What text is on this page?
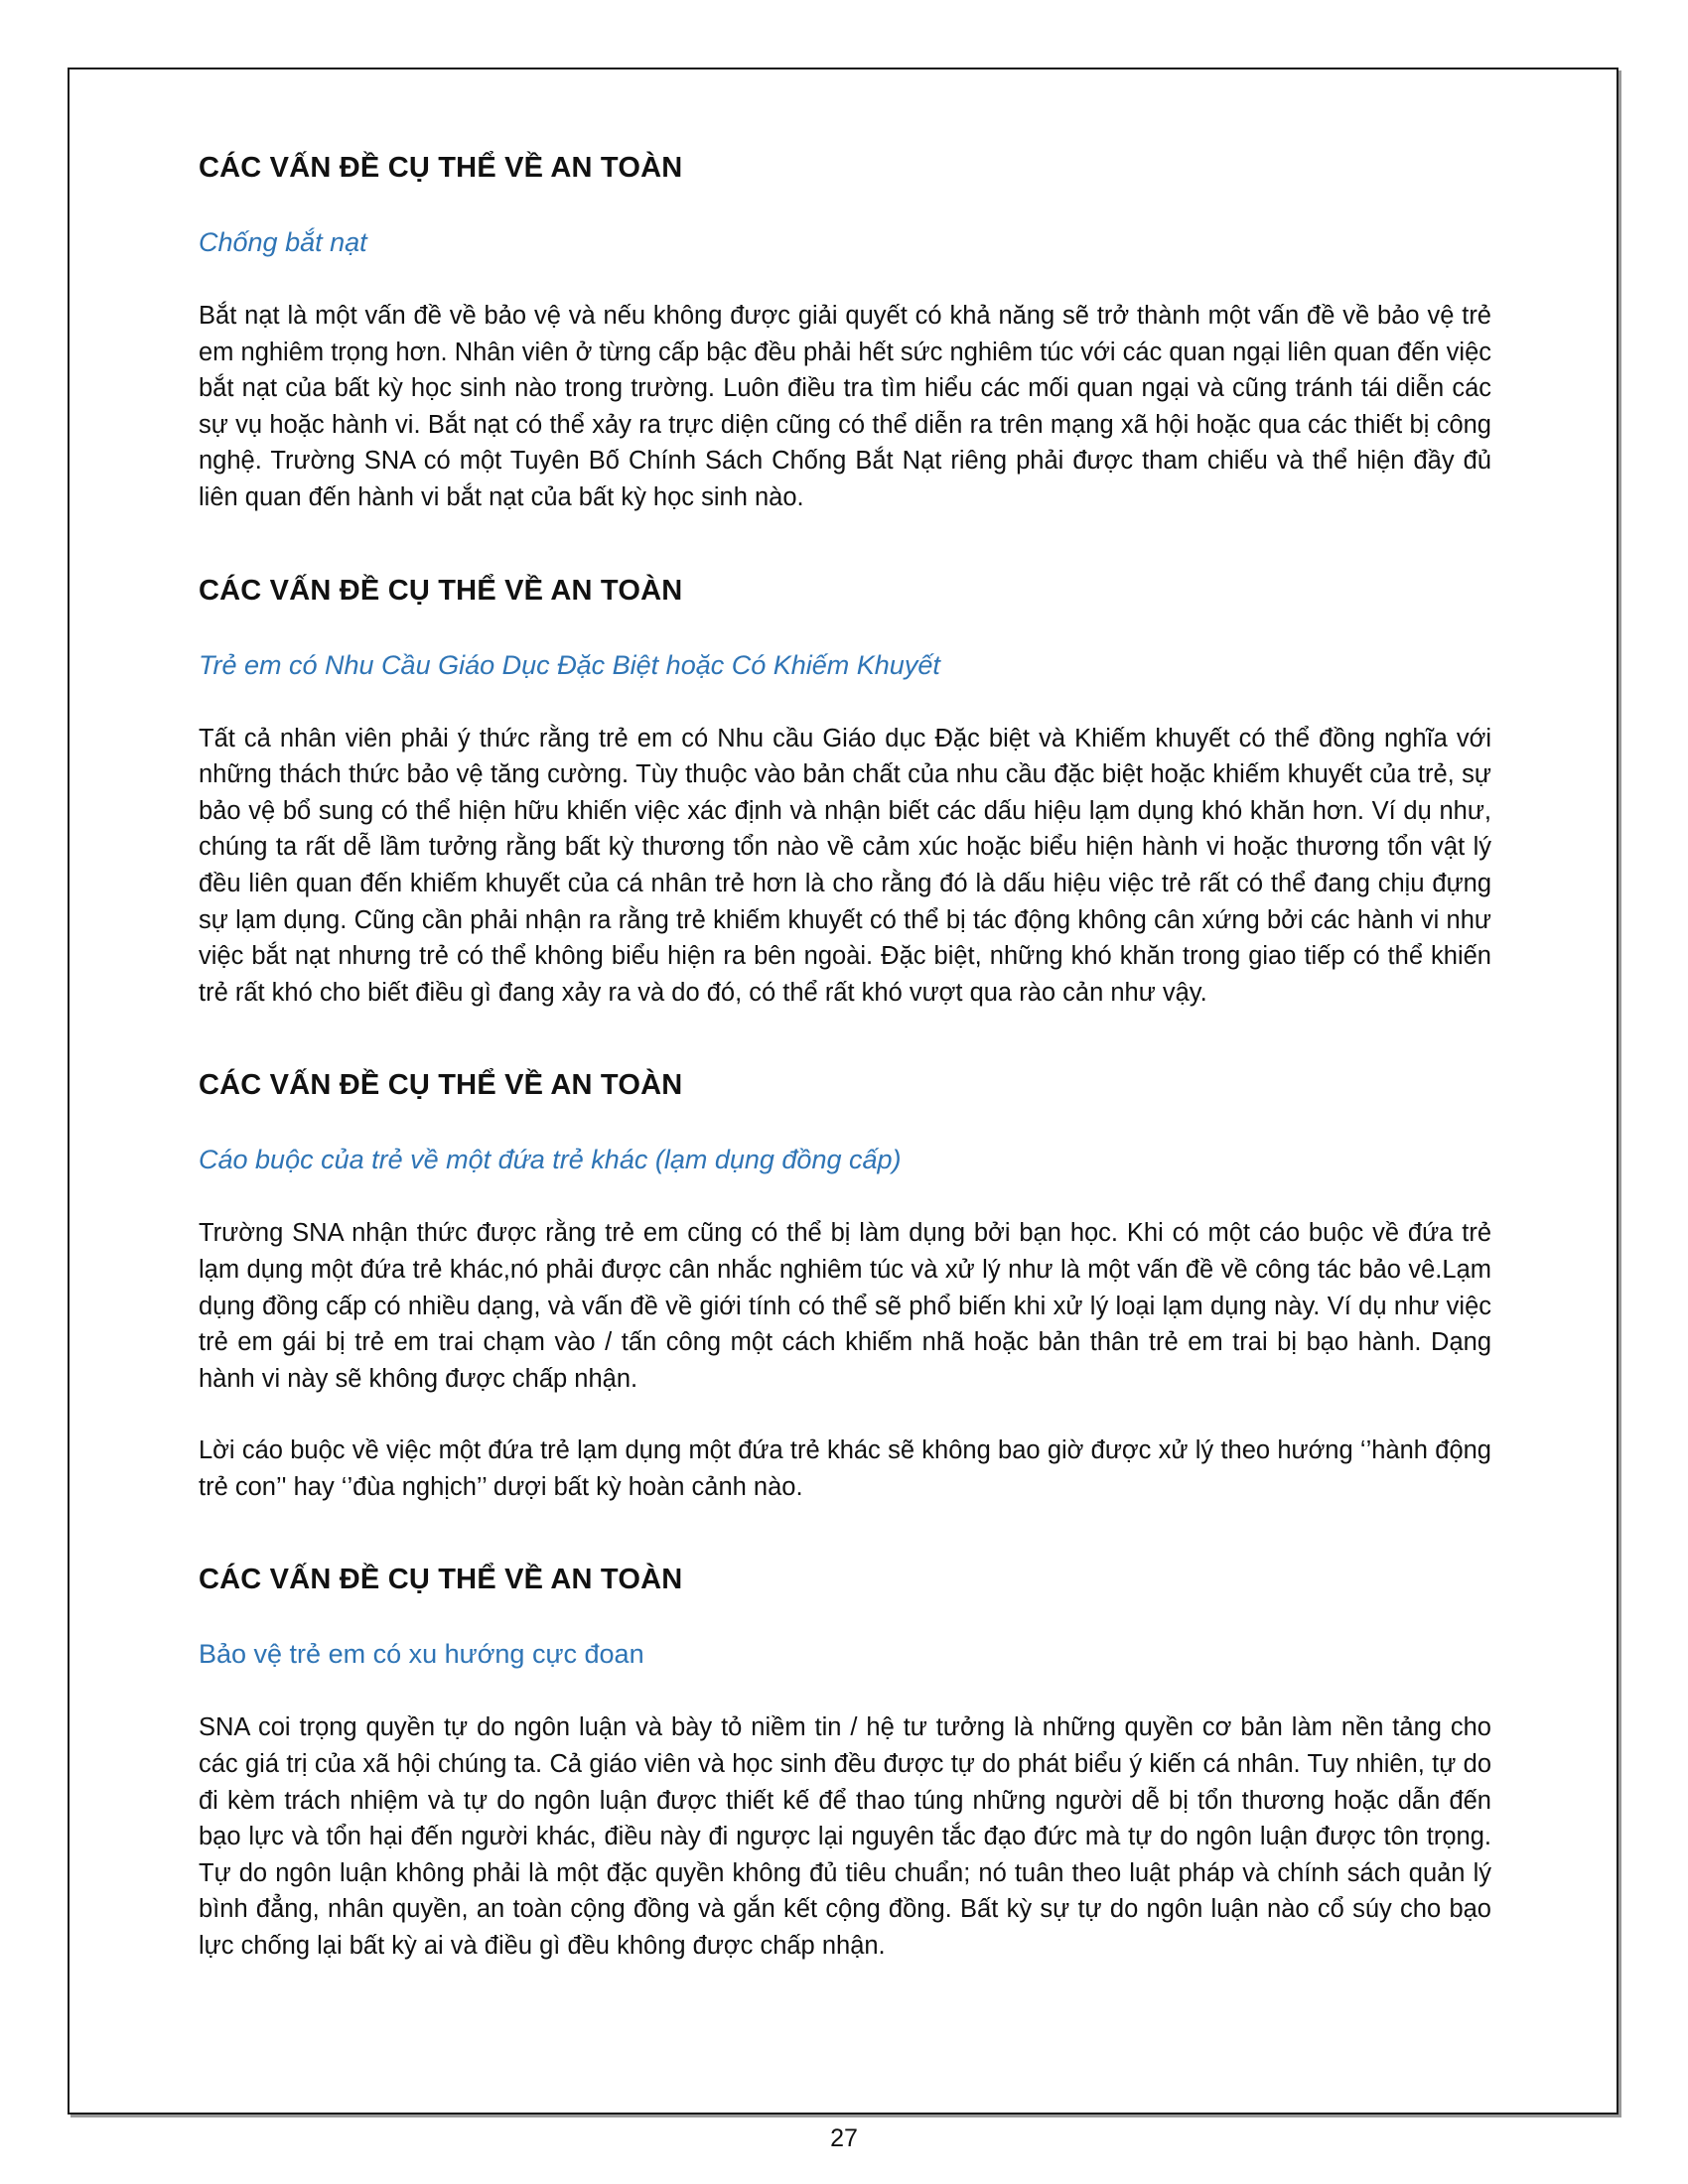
CÁC VẤN ĐỀ CỤ THỂ VỀ AN TOÀN
Chống bắt nạt

Bắt nạt là một vấn đề về bảo vệ và nếu không được giải quyết có khả năng sẽ trở thành một vấn đề về bảo vệ trẻ em nghiêm trọng hơn. Nhân viên ở từng cấp bậc đều phải hết sức nghiêm túc với các quan ngại liên quan đến việc bắt nạt của bất kỳ học sinh nào trong trường. Luôn điều tra tìm hiểu các mối quan ngại và cũng tránh tái diễn các sự vụ hoặc hành vi. Bắt nạt có thể xảy ra trực diện cũng có thể diễn ra trên mạng xã hội hoặc qua các thiết bị công nghệ. Trường SNA có một Tuyên Bố Chính Sách Chống Bắt Nạt riêng phải được tham chiếu và thể hiện đầy đủ liên quan đến hành vi bắt nạt của bất kỳ học sinh nào.

CÁC VẤN ĐỀ CỤ THỂ VỀ AN TOÀN
Trẻ em có Nhu Cầu Giáo Dục Đặc Biệt hoặc Có Khiếm Khuyết

Tất cả nhân viên phải ý thức rằng trẻ em có Nhu cầu Giáo dục Đặc biệt và Khiếm khuyết có thể đồng nghĩa với những thách thức bảo vệ tăng cường. Tùy thuộc vào bản chất của nhu cầu đặc biệt hoặc khiếm khuyết của trẻ, sự bảo vệ bổ sung có thể hiện hữu khiến việc xác định và nhận biết các dấu hiệu lạm dụng khó khăn hơn. Ví dụ như, chúng ta rất dễ lầm tưởng rằng bất kỳ thương tổn nào về cảm xúc hoặc biểu hiện hành vi hoặc thương tổn vật lý đều liên quan đến khiếm khuyết của cá nhân trẻ hơn là cho rằng đó là dấu hiệu việc trẻ rất có thể đang chịu đựng sự lạm dụng. Cũng cần phải nhận ra rằng trẻ khiếm khuyết có thể bị tác động không cân xứng bởi các hành vi như việc bắt nạt nhưng trẻ có thể không biểu hiện ra bên ngoài. Đặc biệt, những khó khăn trong giao tiếp có thể khiến trẻ rất khó cho biết điều gì đang xảy ra và do đó, có thể rất khó vượt qua rào cản như vậy.

CÁC VẤN ĐỀ CỤ THỂ VỀ AN TOÀN
Cáo buộc của trẻ về một đứa trẻ khác (lạm dụng đồng cấp)

Trường SNA nhận thức được rằng trẻ em cũng có thể bị làm dụng bởi bạn học. Khi có một cáo buộc về đứa trẻ lạm dụng một đứa trẻ khác,nó phải được cân nhắc nghiêm túc và xử lý như là một vấn đề về công tác bảo vê.Lạm dụng đồng cấp có nhiều dạng, và vấn đề về giới tính có thể sẽ phổ biến khi xử lý loại lạm dụng này. Ví dụ như việc trẻ em gái bị trẻ em trai chạm vào / tấn công một cách khiếm nhã hoặc bản thân trẻ em trai bị bạo hành. Dạng hành vi này sẽ không được chấp nhận.

Lời cáo buộc về việc một đứa trẻ lạm dụng một đứa trẻ khác sẽ không bao giờ được xử lý theo hướng ‘’hành động trẻ con’' hay ‘’đùa nghịch’’ dượi bất kỳ hoàn cảnh nào.

CÁC VẤN ĐỀ CỤ THỂ VỀ AN TOÀN
Bảo vệ trẻ em có xu hướng cực đoan

SNA coi trọng quyền tự do ngôn luận và bày tỏ niềm tin / hệ tư tưởng là những quyền cơ bản làm nền tảng cho các giá trị của xã hội chúng ta. Cả giáo viên và học sinh đều được tự do phát biểu ý kiến cá nhân. Tuy nhiên, tự do đi kèm trách nhiệm và tự do ngôn luận được thiết kế để thao túng những người dễ bị tổn thương hoặc dẫn đến bạo lực và tổn hại đến người khác, điều này đi ngược lại nguyên tắc đạo đức mà tự do ngôn luận được tôn trọng. Tự do ngôn luận không phải là một đặc quyền không đủ tiêu chuẩn; nó tuân theo luật pháp và chính sách quản lý bình đẳng, nhân quyền, an toàn cộng đồng và gắn kết cộng đồng. Bất kỳ sự tự do ngôn luận nào cổ súy cho bạo lực chống lại bất kỳ ai và điều gì đều không được chấp nhận.

27
